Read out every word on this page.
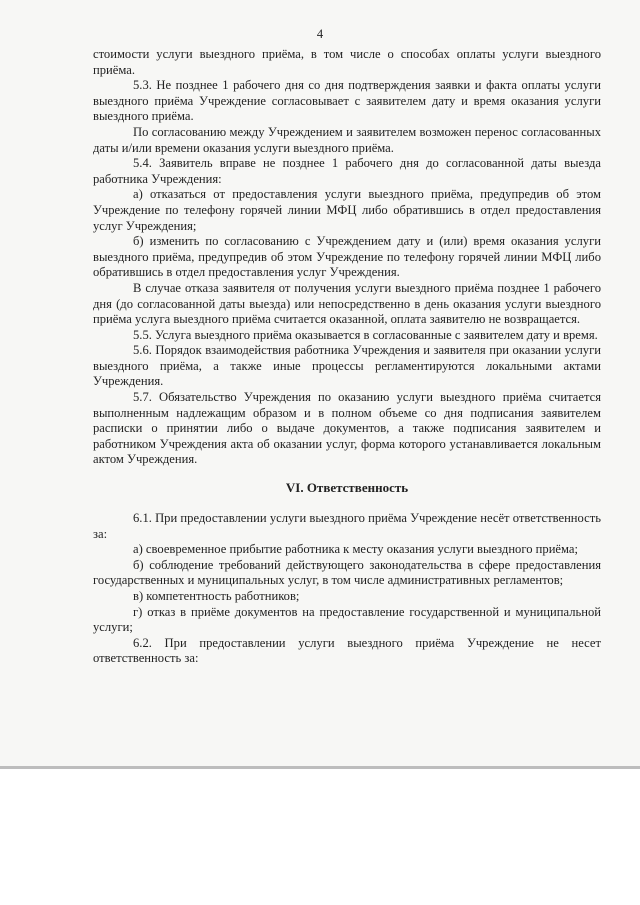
4

стоимости услуги выездного приёма, в том числе о способах оплаты услуги выездного приёма.

5.3. Не позднее 1 рабочего дня со дня подтверждения заявки и факта оплаты услуги выездного приёма Учреждение согласовывает с заявителем дату и время оказания услуги выездного приёма.

По согласованию между Учреждением и заявителем возможен перенос согласованных даты и/или времени оказания услуги выездного приёма.

5.4. Заявитель вправе не позднее 1 рабочего дня до согласованной даты выезда работника Учреждения:

а) отказаться от предоставления услуги выездного приёма, предупредив об этом Учреждение по телефону горячей линии МФЦ либо обратившись в отдел предоставления услуг Учреждения;

б) изменить по согласованию с Учреждением дату и (или) время оказания услуги выездного приёма, предупредив об этом Учреждение по телефону горячей линии МФЦ либо обратившись в отдел предоставления услуг Учреждения.

В случае отказа заявителя от получения услуги выездного приёма позднее 1 рабочего дня (до согласованной даты выезда) или непосредственно в день оказания услуги выездного приёма услуга выездного приёма считается оказанной, оплата заявителю не возвращается.

5.5. Услуга выездного приёма оказывается в согласованные с заявителем дату и время.

5.6. Порядок взаимодействия работника Учреждения и заявителя при оказании услуги выездного приёма, а также иные процессы регламентируются локальными актами Учреждения.

5.7. Обязательство Учреждения по оказанию услуги выездного приёма считается выполненным надлежащим образом и в полном объеме со дня подписания заявителем расписки о принятии либо о выдаче документов, а также подписания заявителем и работником Учреждения акта об оказании услуг, форма которого устанавливается локальным актом Учреждения.

VI. Ответственность

6.1. При предоставлении услуги выездного приёма Учреждение несёт ответственность за:

а) своевременное прибытие работника к месту оказания услуги выездного приёма;

б) соблюдение требований действующего законодательства в сфере предоставления государственных и муниципальных услуг, в том числе административных регламентов;

в) компетентность работников;

г) отказ в приёме документов на предоставление государственной и муниципальной услуги;

6.2. При предоставлении услуги выездного приёма Учреждение не несет ответственность за:
